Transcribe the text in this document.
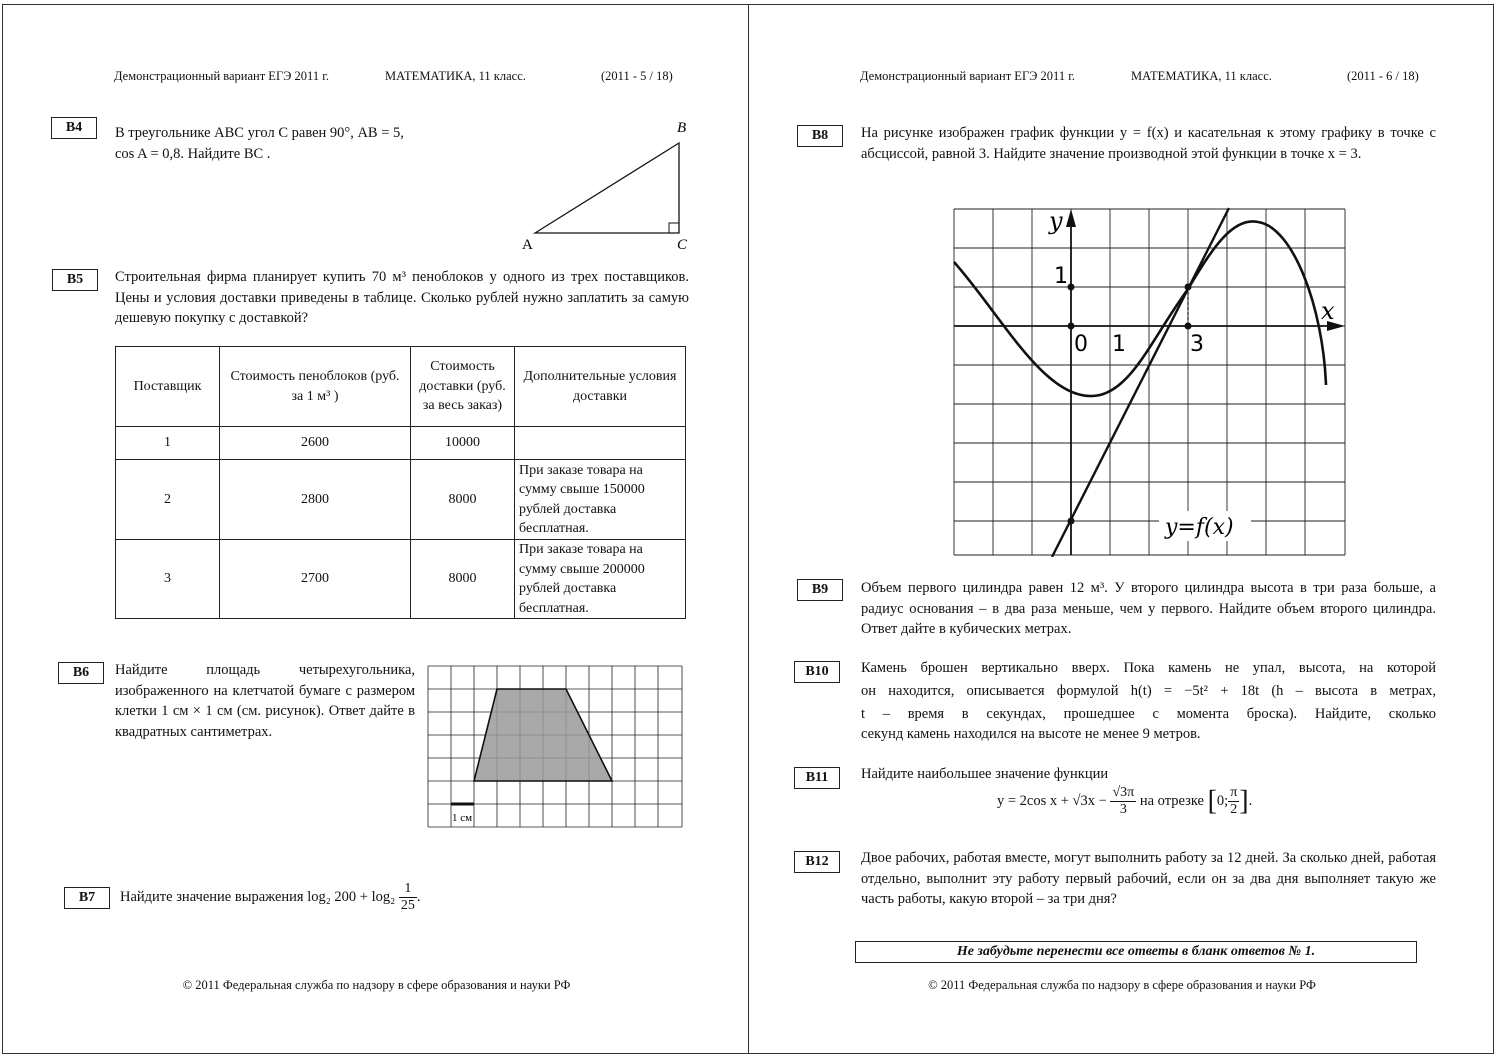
Демонстрационный вариант ЕГЭ 2011 г.	МАТЕМАТИКА, 11 класс.	(2011 - 5 / 18)
B4	В треугольнике ABC угол C равен 90°, AB = 5,
cos A = 0,8. Найдите BC .
A
B
C
B5	Строительная фирма планирует купить 70 м³ пеноблоков у одного из трех поставщиков. Цены и условия доставки приведены в таблице. Сколько рублей нужно заплатить за самую дешевую покупку с доставкой?
Поставщик	Стоимость пеноблоков (руб. за 1 м³ )	Стоимость доставки (руб. за весь заказ)	Дополнительные условия доставки
1	2600	10000	
2	2800	8000	При заказе товара на сумму свыше 150000 рублей доставка бесплатная.
3	2700	8000	При заказе товара на сумму свыше 200000 рублей доставка бесплатная.
B6	Найдите площадь четырехугольника, изображенного на клетчатой бумаге с размером клетки 1 см × 1 см (см. рисунок). Ответ дайте в квадратных сантиметрах.
1 см
B7	Найдите значение выражения log₂ $200 + \log_2 \frac{1}{25}$ .
© 2011 Федеральная служба по надзору в сфере образования и науки РФ
Демонстрационный вариант ЕГЭ 2011 г.	МАТЕМАТИКА, 11 класс.	(2011 - 6 / 18)
B8	На рисунке изображен график функции y = f(x) и касательная к этому графику в точке с абсциссой, равной 3. Найдите значение производной этой функции в точке x = 3.
y
x
1
0 1	3
y=f(x)
B9	Объем первого цилиндра равен 12 м³. У второго цилиндра высота в три раза больше, а радиус основания – в два раза меньше, чем у первого. Найдите объем второго цилиндра. Ответ дайте в кубических метрах.
B10	Камень брошен вертикально вверх. Пока камень не упал, высота, на которой
он находится, описывается формулой h(t) = −5t² + 18t (h – высота в метрах,
t – время в секундах, прошедшее с момента броска). Найдите, сколько
секунд камень находился на высоте не менее 9 метров.
B11	Найдите наибольшее значение функции
y = 2cos $x + √3x - \frac{√3\pi}{3}$ на отрезке [0; $\frac{\pi}{2}$ ].
B12	Двое рабочих, работая вместе, могут выполнить работу за 12 дней. За сколько дней, работая отдельно, выполнит эту работу первый рабочий, если он за два дня выполняет такую же часть работы, какую второй – за три дня?
Не забудьте перенести все ответы в бланк ответов № 1.
© 2011 Федеральная служба по надзору в сфере образования и науки РФ
